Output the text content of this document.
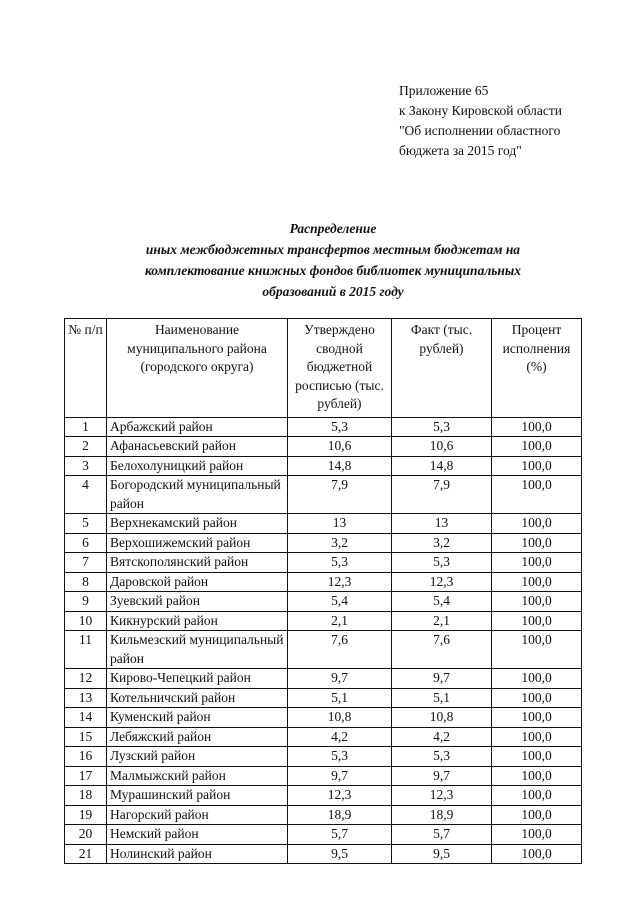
Приложение 65
к Закону Кировской области
"Об исполнении областного
бюджета за 2015 год"
Распределение
иных межбюджетных трансфертов местным бюджетам на
комплектование книжных фондов библиотек муниципальных
образований в 2015 году
№ п/п	Наименование муниципального района (городского округа)	Утверждено сводной бюджетной росписью (тыс. рублей)	Факт (тыс. рублей)	Процент исполнения (%)
1	Арбажский район	5,3	5,3	100,0
2	Афанасьевский район	10,6	10,6	100,0
3	Белохолуницкий район	14,8	14,8	100,0
4	Богородский муниципальный район	7,9	7,9	100,0
5	Верхнекамский район	13	13	100,0
6	Верхошижемский район	3,2	3,2	100,0
7	Вятскополянский район	5,3	5,3	100,0
8	Даровской район	12,3	12,3	100,0
9	Зуевский район	5,4	5,4	100,0
10	Кикнурский район	2,1	2,1	100,0
11	Кильмезский муниципальный район	7,6	7,6	100,0
12	Кирово-Чепецкий район	9,7	9,7	100,0
13	Котельничский район	5,1	5,1	100,0
14	Куменский район	10,8	10,8	100,0
15	Лебяжский район	4,2	4,2	100,0
16	Лузский район	5,3	5,3	100,0
17	Малмыжский район	9,7	9,7	100,0
18	Мурашинский район	12,3	12,3	100,0
19	Нагорский район	18,9	18,9	100,0
20	Немский район	5,7	5,7	100,0
21	Нолинский район	9,5	9,5	100,0
